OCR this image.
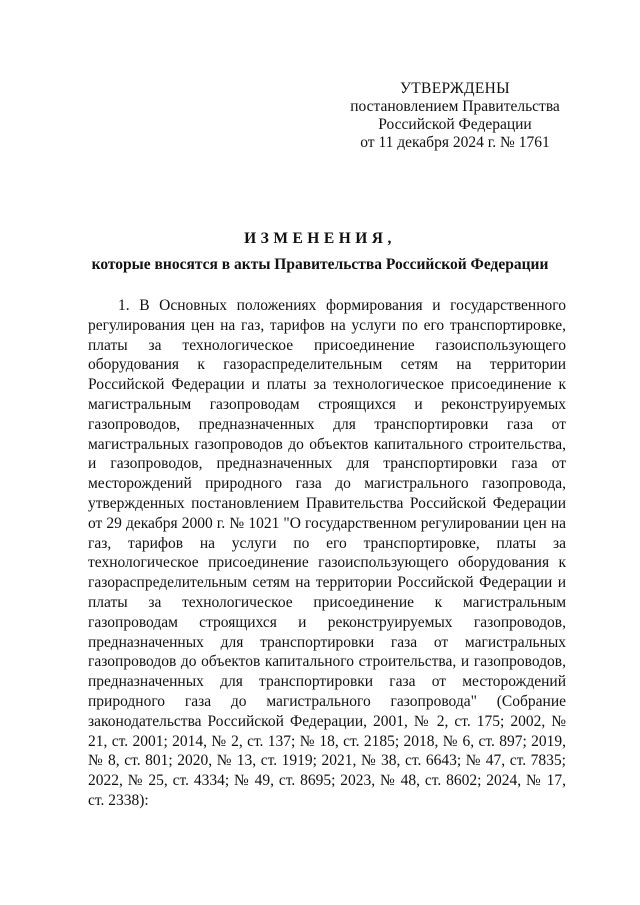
УТВЕРЖДЕНЫ
постановлением Правительства
Российской Федерации
от 11 декабря 2024 г. № 1761
ИЗМЕНЕНИЯ,
которые вносятся в акты Правительства Российской Федерации

1. В Основных положениях формирования и государственного регулирования цен на газ, тарифов на услуги по его транспортировке, платы за технологическое присоединение газоиспользующего оборудования к газораспределительным сетям на территории Российской Федерации и платы за технологическое присоединение к магистральным газопроводам строящихся и реконструируемых газопроводов, предназначенных для транспортировки газа от магистральных газопроводов до объектов капитального строительства, и газопроводов, предназначенных для транспортировки газа от месторождений природного газа до магистрального газопровода, утвержденных постановлением Правительства Российской Федерации от 29 декабря 2000 г. № 1021 "О государственном регулировании цен на газ, тарифов на услуги по его транспортировке, платы за технологическое присоединение газоиспользующего оборудования к газораспределительным сетям на территории Российской Федерации и платы за технологическое присоединение к магистральным газопроводам строящихся и реконструируемых газопроводов, предназначенных для транспортировки газа от магистральных газопроводов до объектов капитального строительства, и газопроводов, предназначенных для транспортировки газа от месторождений природного газа до магистрального газопровода" (Собрание законодательства Российской Федерации, 2001, № 2, ст. 175; 2002, № 21, ст. 2001; 2014, № 2, ст. 137; № 18, ст. 2185; 2018, № 6, ст. 897; 2019, № 8, ст. 801; 2020, № 13, ст. 1919; 2021, № 38, ст. 6643; № 47, ст. 7835; 2022, № 25, ст. 4334; № 49, ст. 8695; 2023, № 48, ст. 8602; 2024, № 17, ст. 2338):
